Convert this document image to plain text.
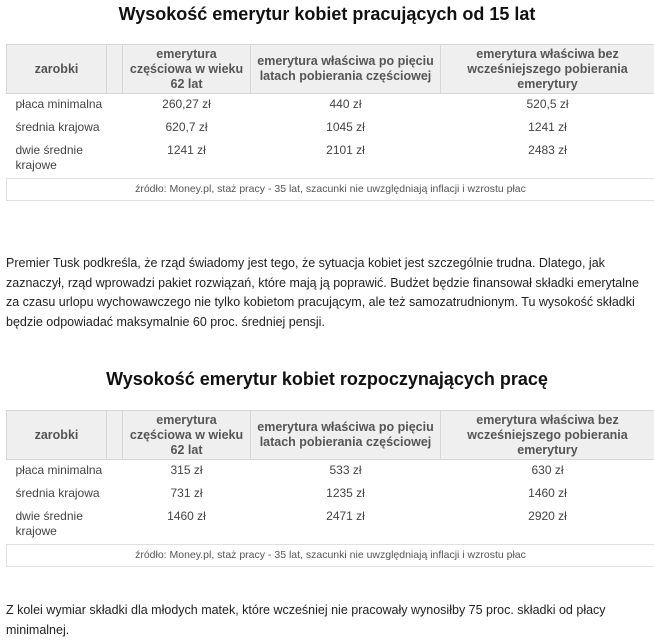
Wysokość emerytur kobiet pracujących od 15 lat
zarobki		emerytura częściowa w wieku 62 lat	emerytura właściwa po pięciu latach pobierania częściowej	emerytura właściwa bez wcześniejszego pobierania emerytury
płaca minimalna		260,27 zł	440 zł	520,5 zł
średnia krajowa		620,7 zł	1045 zł	1241 zł
dwie średnie krajowe		1241 zł	2101 zł	2483 zł
źródło: Money.pl, staż pracy - 35 lat, szacunki nie uwzględniają inflacji i wzrostu płac				

Premier Tusk podkreśla, że rząd świadomy jest tego, że sytuacja kobiet jest szczególnie trudna. Dlatego, jak zaznaczył, rząd wprowadzi pakiet rozwiązań, które mają ją poprawić. Budżet będzie finansował składki emerytalne za czasu urlopu wychowawczego nie tylko kobietom pracującym, ale też samozatrudnionym. Tu wysokość składki będzie odpowiadać maksymalnie 60 proc. średniej pensji.

Wysokość emerytur kobiet rozpoczynających pracę
zarobki		emerytura częściowa w wieku 62 lat	emerytura właściwa po pięciu latach pobierania częściowej	emerytura właściwa bez wcześniejszego pobierania emerytury
płaca minimalna		315 zł	533 zł	630 zł
średnia krajowa		731 zł	1235 zł	1460 zł
dwie średnie krajowe		1460 zł	2471 zł	2920 zł
źródło: Money.pl, staż pracy - 35 lat, szacunki nie uwzględniają inflacji i wzrostu płac				

Z kolei wymiar składki dla młodych matek, które wcześniej nie pracowały wynosiłby 75 proc. składki od płacy minimalnej.
